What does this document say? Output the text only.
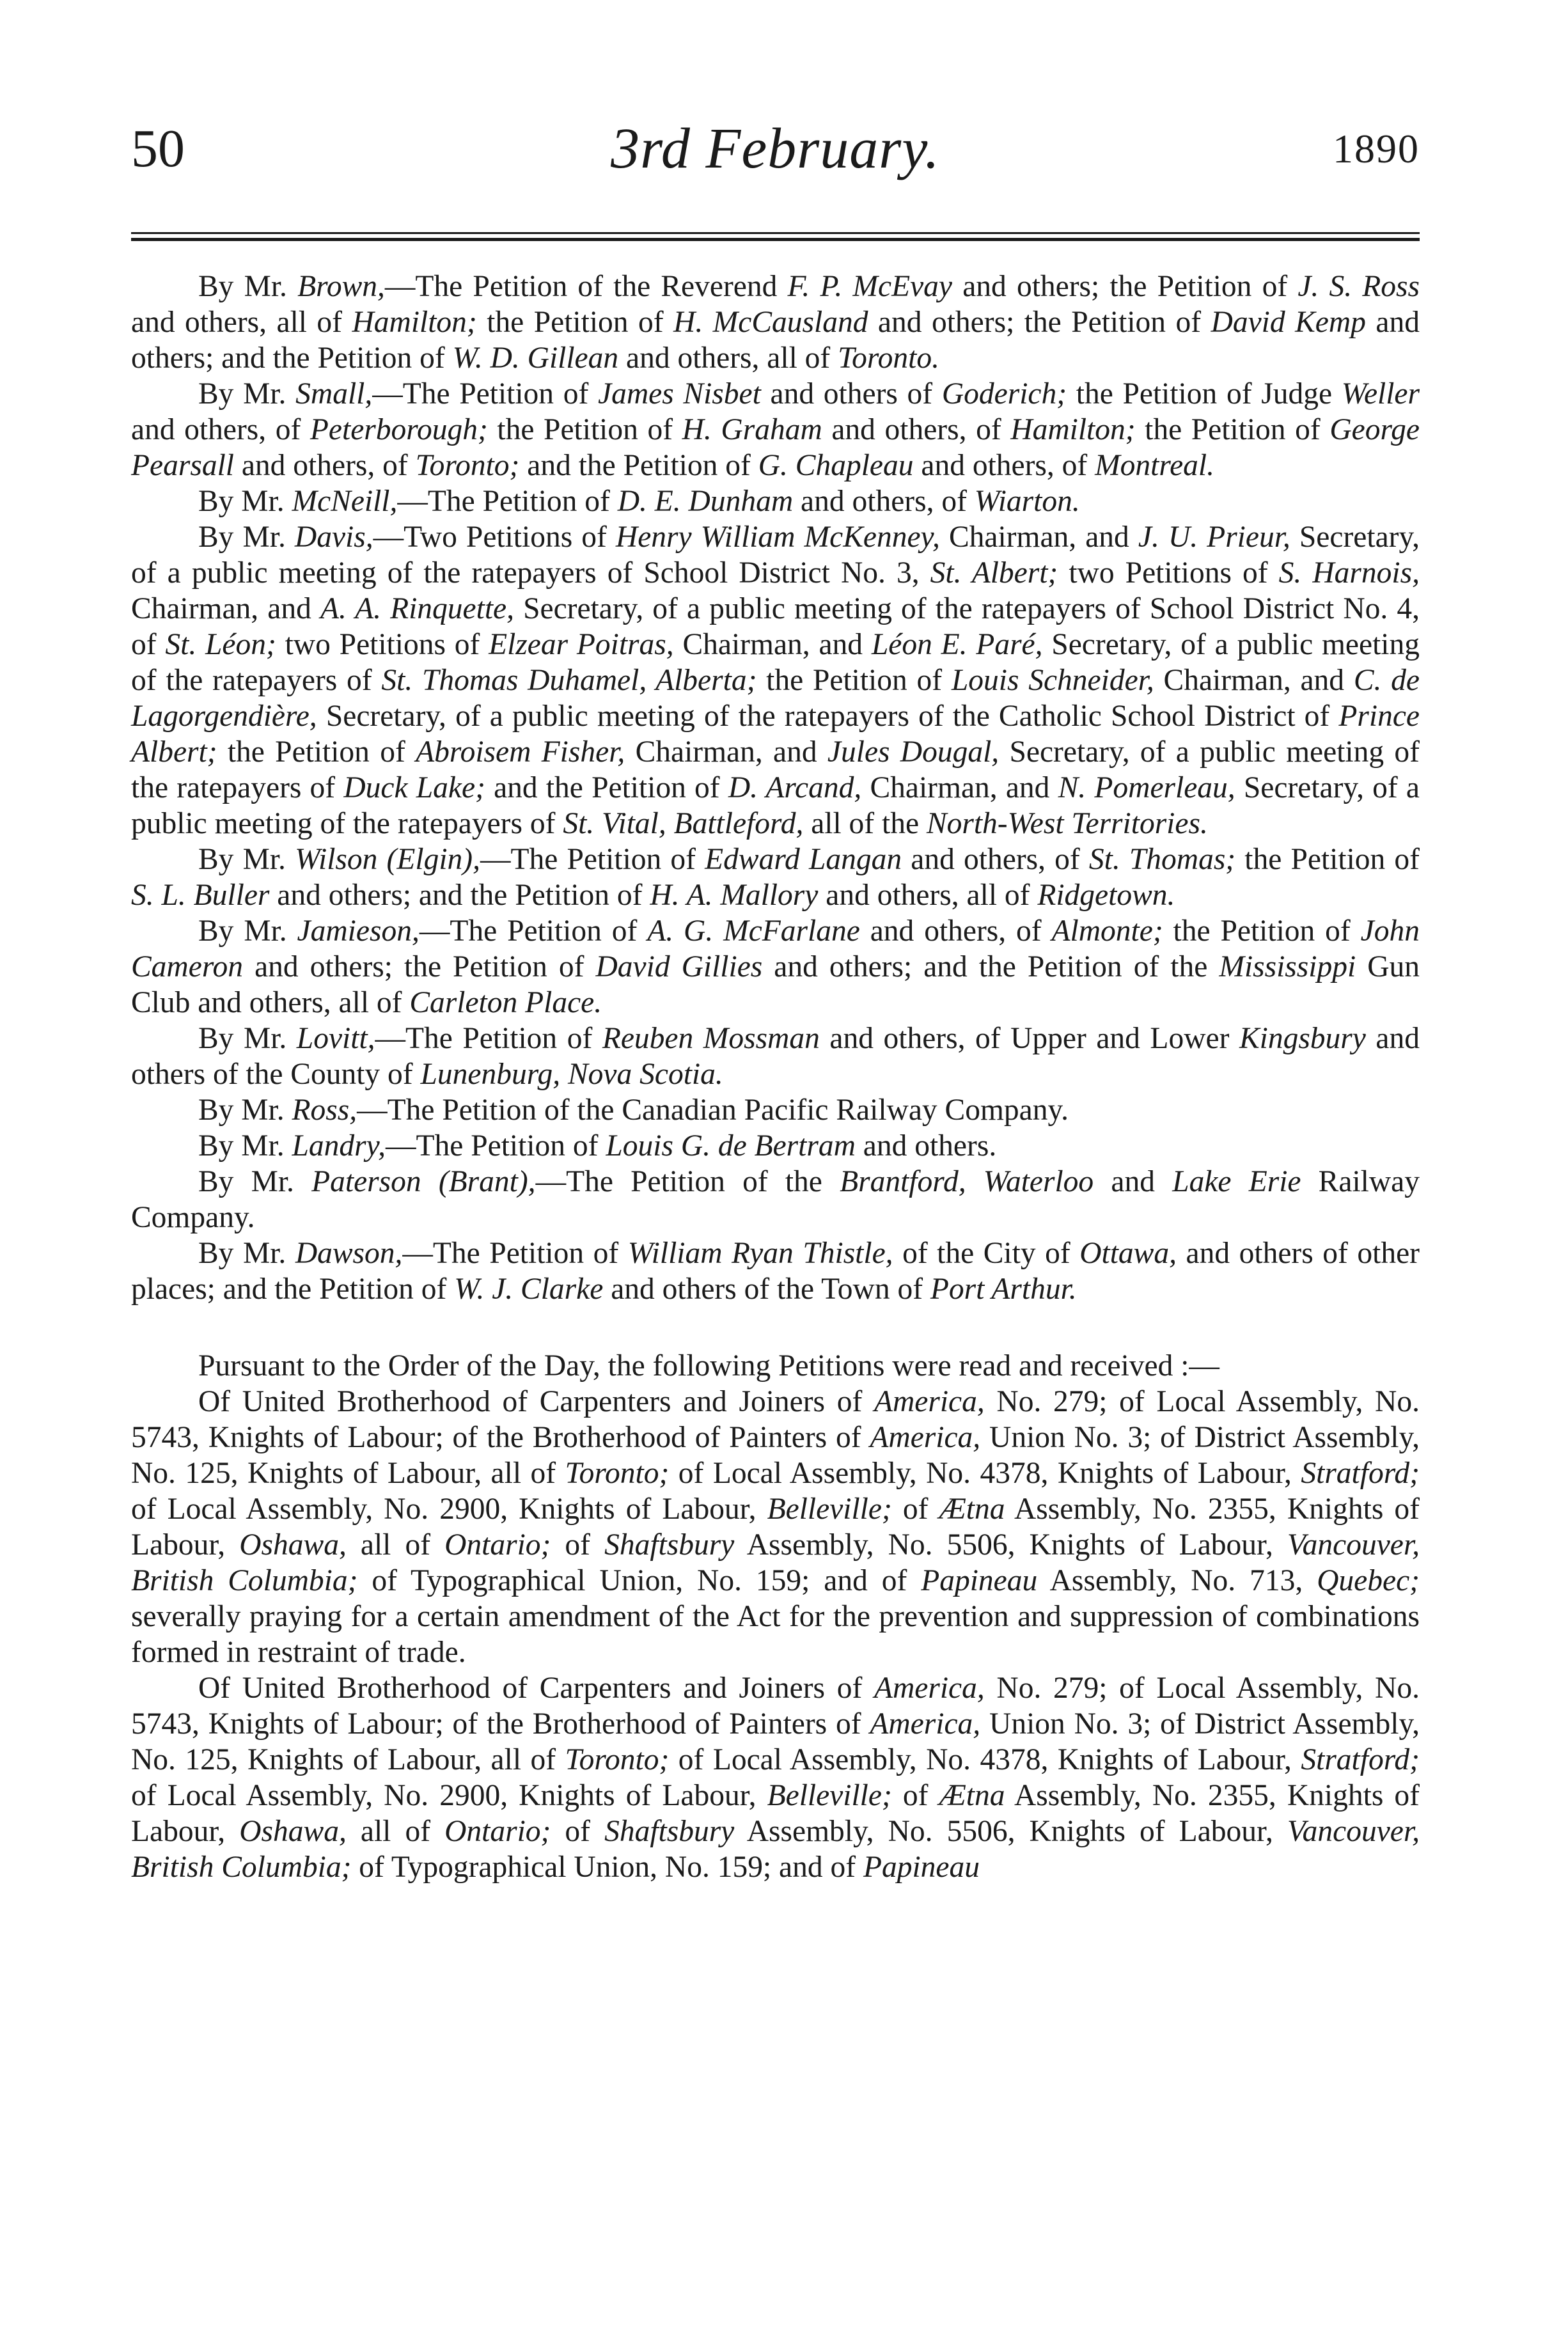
50	3rd February.	1890

By Mr. Brown,—The Petition of the Reverend F. P. McEvay and others; the Petition of J. S. Ross and others, all of Hamilton; the Petition of H. McCausland and others; the Petition of David Kemp and others; and the Petition of W. D. Gillean and others, all of Toronto.

By Mr. Small,—The Petition of James Nisbet and others of Goderich; the Petition of Judge Weller and others, of Peterborough; the Petition of H. Graham and others, of Hamilton; the Petition of George Pearsall and others, of Toronto; and the Petition of G. Chapleau and others, of Montreal.

By Mr. McNeill,—The Petition of D. E. Dunham and others, of Wiarton.

By Mr. Davis,—Two Petitions of Henry William McKenney, Chairman, and J. U. Prieur, Secretary, of a public meeting of the ratepayers of School District No. 3, St. Albert; two Petitions of S. Harnois, Chairman, and A. A. Rinquette, Secretary, of a public meeting of the ratepayers of School District No. 4, of St. Léon; two Petitions of Elzear Poitras, Chairman, and Léon E. Paré, Secretary, of a public meeting of the ratepayers of St. Thomas Duhamel, Alberta; the Petition of Louis Schneider, Chairman, and C. de Lagorgendière, Secretary, of a public meeting of the ratepayers of the Catholic School District of Prince Albert; the Petition of Abroisem Fisher, Chairman, and Jules Dougal, Secretary, of a public meeting of the ratepayers of Duck Lake; and the Petition of D. Arcand, Chairman, and N. Pomerleau, Secretary, of a public meeting of the ratepayers of St. Vital, Battleford, all of the North-West Territories.

By Mr. Wilson (Elgin),—The Petition of Edward Langan and others, of St. Thomas; the Petition of S. L. Buller and others; and the Petition of H. A. Mallory and others, all of Ridgetown.

By Mr. Jamieson,—The Petition of A. G. McFarlane and others, of Almonte; the Petition of John Cameron and others; the Petition of David Gillies and others; and the Petition of the Mississippi Gun Club and others, all of Carleton Place.

By Mr. Lovitt,—The Petition of Reuben Mossman and others, of Upper and Lower Kingsbury and others of the County of Lunenburg, Nova Scotia.

By Mr. Ross,—The Petition of the Canadian Pacific Railway Company.

By Mr. Landry,—The Petition of Louis G. de Bertram and others.

By Mr. Paterson (Brant),—The Petition of the Brantford, Waterloo and Lake Erie Railway Company.

By Mr. Dawson,—The Petition of William Ryan Thistle, of the City of Ottawa, and others of other places; and the Petition of W. J. Clarke and others of the Town of Port Arthur.

Pursuant to the Order of the Day, the following Petitions were read and received :—

Of United Brotherhood of Carpenters and Joiners of America, No. 279; of Local Assembly, No. 5743, Knights of Labour; of the Brotherhood of Painters of America, Union No. 3; of District Assembly, No. 125, Knights of Labour, all of Toronto; of Local Assembly, No. 4378, Knights of Labour, Stratford; of Local Assembly, No. 2900, Knights of Labour, Belleville; of Ætna Assembly, No. 2355, Knights of Labour, Oshawa, all of Ontario; of Shaftsbury Assembly, No. 5506, Knights of Labour, Vancouver, British Columbia; of Typographical Union, No. 159; and of Papineau Assembly, No. 713, Quebec; severally praying for a certain amendment of the Act for the prevention and suppression of combinations formed in restraint of trade.

Of United Brotherhood of Carpenters and Joiners of America, No. 279; of Local Assembly, No. 5743, Knights of Labour; of the Brotherhood of Painters of America, Union No. 3; of District Assembly, No. 125, Knights of Labour, all of Toronto; of Local Assembly, No. 4378, Knights of Labour, Stratford; of Local Assembly, No. 2900, Knights of Labour, Belleville; of Ætna Assembly, No. 2355, Knights of Labour, Oshawa, all of Ontario; of Shaftsbury Assembly, No. 5506, Knights of Labour, Vancouver, British Columbia; of Typographical Union, No. 159; and of Papineau
